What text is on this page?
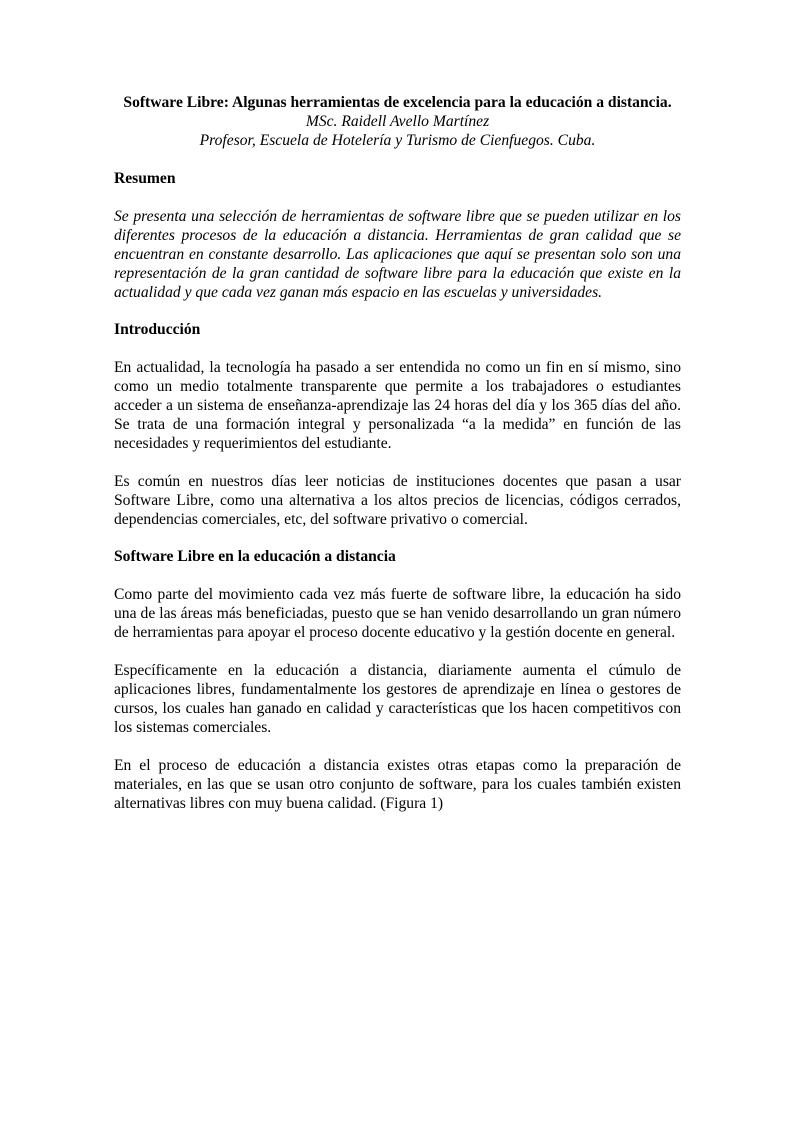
Software Libre: Algunas herramientas de excelencia para la educación a distancia.
MSc. Raidell Avello Martínez
Profesor, Escuela de Hotelería y Turismo de Cienfuegos. Cuba.
Resumen

Se presenta una selección de herramientas de software libre que se pueden utilizar en los diferentes procesos de la educación a distancia. Herramientas de gran calidad que se encuentran en constante desarrollo. Las aplicaciones que aquí se presentan solo son una representación de la gran cantidad de software libre para la educación que existe en la actualidad y que cada vez ganan más espacio en las escuelas y universidades.

Introducción

En actualidad, la tecnología ha pasado a ser entendida no como un fin en sí mismo, sino como un medio totalmente transparente que permite a los trabajadores o estudiantes acceder a un sistema de enseñanza-aprendizaje las 24 horas del día y los 365 días del año. Se trata de una formación integral y personalizada “a la medida” en función de las necesidades y requerimientos del estudiante.

Es común en nuestros días leer noticias de instituciones docentes que pasan a usar Software Libre, como una alternativa a los altos precios de licencias, códigos cerrados, dependencias comerciales, etc, del software privativo o comercial.

Software Libre en la educación a distancia

Como parte del movimiento cada vez más fuerte de software libre, la educación ha sido una de las áreas más beneficiadas, puesto que se han venido desarrollando un gran número de herramientas para apoyar el proceso docente educativo y la gestión docente en general.

Específicamente en la educación a distancia, diariamente aumenta el cúmulo de aplicaciones libres, fundamentalmente los gestores de aprendizaje en línea o gestores de cursos, los cuales han ganado en calidad y características que los hacen competitivos con los sistemas comerciales.

En el proceso de educación a distancia existes otras etapas como la preparación de materiales, en las que se usan otro conjunto de software, para los cuales también existen alternativas libres con muy buena calidad. (Figura 1)
